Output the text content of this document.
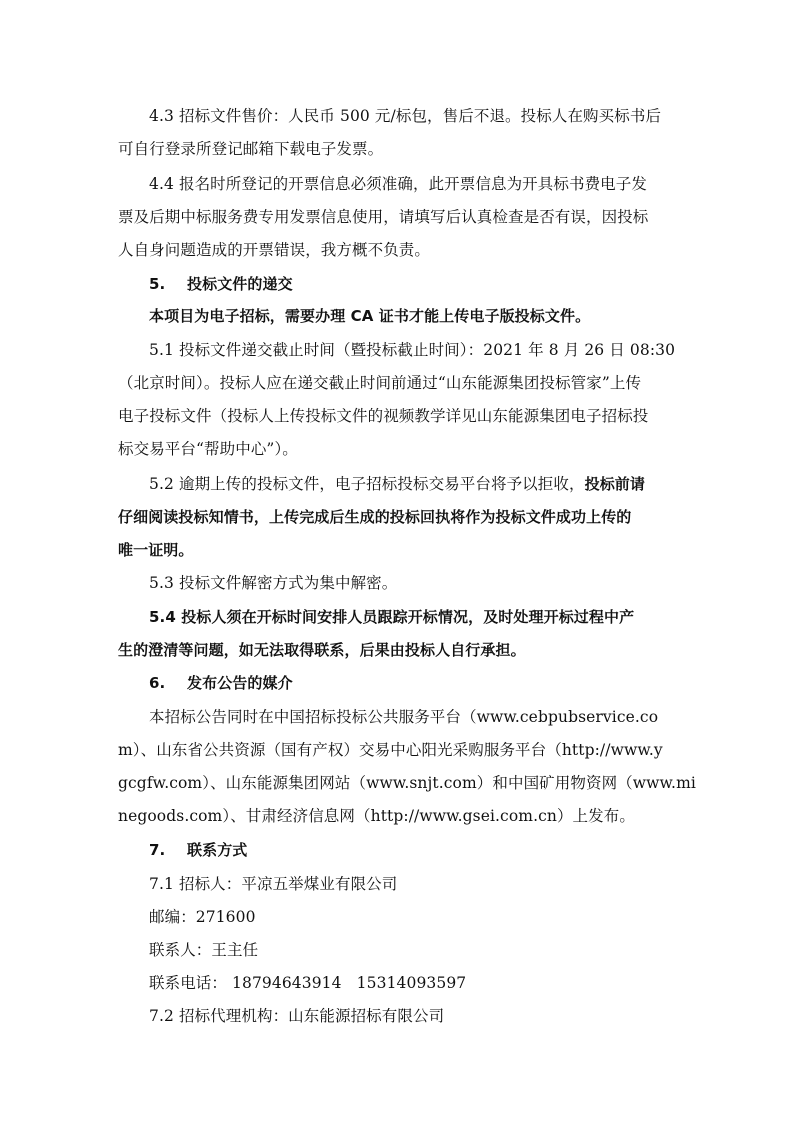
4.3 招标文件售价：人民币 500 元/标包，售后不退。投标人在购买标书后
可自行登录所登记邮箱下载电子发票。
4.4 报名时所登记的开票信息必须准确，此开票信息为开具标书费电子发
票及后期中标服务费专用发票信息使用，请填写后认真检查是否有误，因投标
人自身问题造成的开票错误，我方概不负责。
5. 投标文件的递交
本项目为电子招标，需要办理 CA 证书才能上传电子版投标文件。
5.1 投标文件递交截止时间（暨投标截止时间）：2021 年 8 月 26 日 08:30
（北京时间）。投标人应在递交截止时间前通过“山东能源集团投标管家”上传
电子投标文件（投标人上传投标文件的视频教学详见山东能源集团电子招标投
标交易平台“帮助中心”）。
5.2 逾期上传的投标文件，电子招标投标交易平台将予以拒收，投标前请
仔细阅读投标知情书，上传完成后生成的投标回执将作为投标文件成功上传的
唯一证明。
5.3 投标文件解密方式为集中解密。
5.4 投标人须在开标时间安排人员跟踪开标情况，及时处理开标过程中产
生的澄清等问题，如无法取得联系，后果由投标人自行承担。
6. 发布公告的媒介
本招标公告同时在中国招标投标公共服务平台（www.cebpubservice.co
m）、山东省公共资源（国有产权）交易中心阳光采购服务平台（http://www.y
gcgfw.com）、山东能源集团网站（www.snjt.com）和中国矿用物资网（www.mi
negoods.com）、甘肃经济信息网（http://www.gsei.com.cn）上发布。
7. 联系方式
7.1 招标人：平凉五举煤业有限公司
邮编：271600
联系人：王主任
联系电话： 18794643914   15314093597
7.2 招标代理机构：山东能源招标有限公司
